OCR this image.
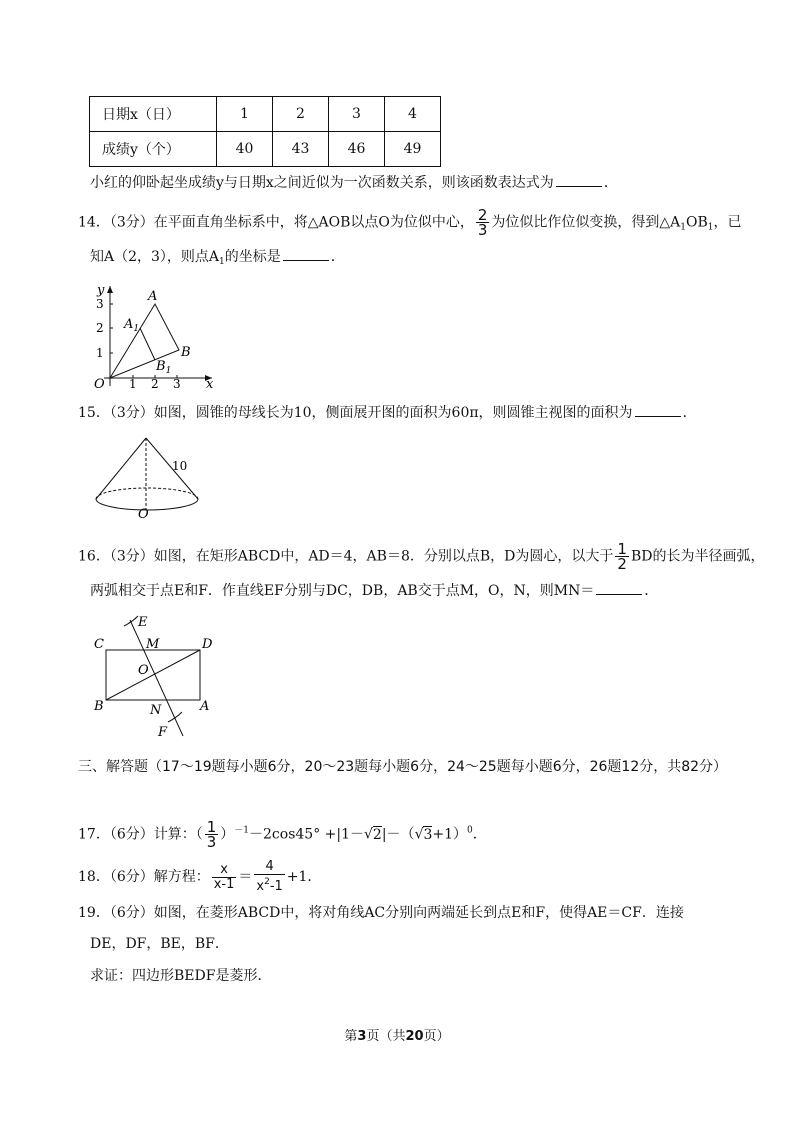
日期x（日）	1	2	3	4
成绩y（个）	40	43	46	49
小红的仰卧起坐成绩y与日期x之间近似为一次函数关系，则该函数表达式为	．
14．（3分）在平面直角坐标系中，将△AOB以点O为位似中心， $\frac{2}{3}$ 为位似比作位似变换，得到$\triangle A_1OB_1$，已
知A（2，3），则点$A_1$的坐标是	．
x
y
O 1 2 3
1
2
3	A
$A_1$
B
$B_1$
15．（3分）如图，圆锥的母线长为10，侧面展开图的面积为60π，则圆锥主视图的面积为	．
10
O
16．（3分）如图，在矩形ABCD中，AD＝4，AB＝8．分别以点B，D为圆心，以大于 $\frac{1}{2}$ BD的长为半径画弧，
两弧相交于点E和F．作直线EF分别与DC，DB，AB交于点M，O，N，则MN＝	．
E
F
C	D
B	A
M
O
N
三、解答题（17～19题每小题6分，20～23题每小题6分，24～25题每小题6分，26题12分，共82分）
17．（6分）计算：（ $\frac{1}{3} )^{-1}-2\cos 45^\circ +|1-√2|-(√3+1)^0$．
18．（6分）解方程： $\frac{x}{x-1} = \frac{4}{x^2-1} +1$．
19．（6分）如图，在菱形ABCD中，将对角线AC分别向两端延长到点E和F，使得AE＝CF．连接
DE，DF，BE，BF．
求证：四边形BEDF是菱形．
第3页（共20页）
